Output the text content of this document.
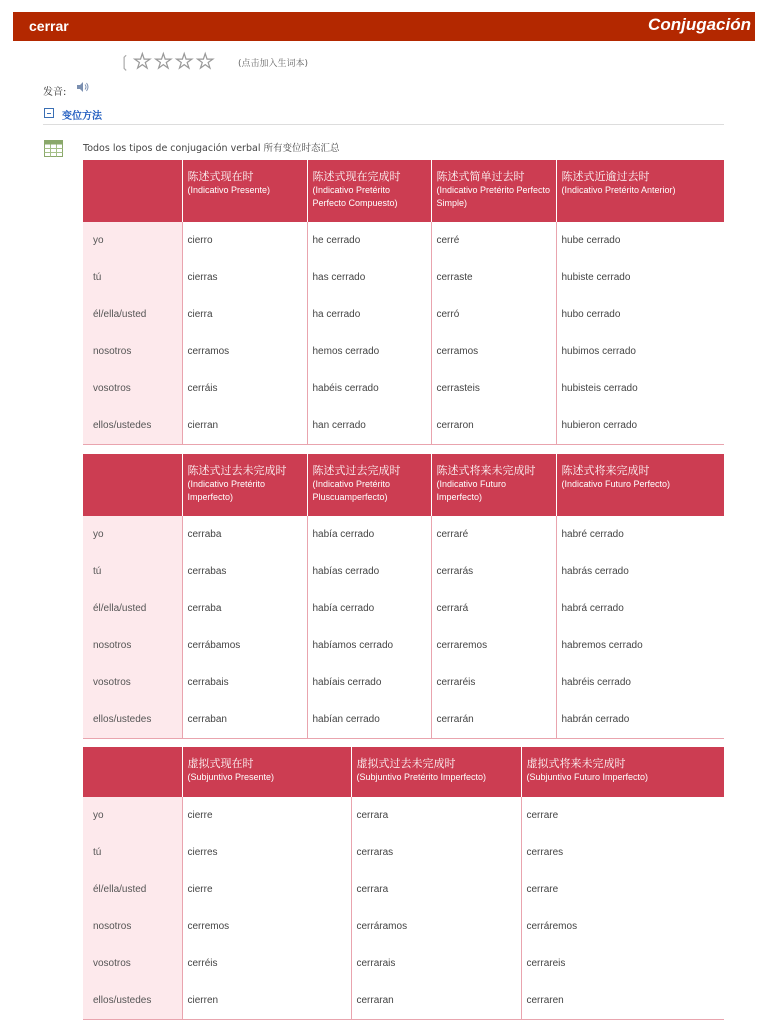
cerrar	Conjugación
❲ ★ ★ ★ ★	(点击加入生词本)
发音:
变位方法
Todos los tipos de conjugación verbal 所有变位时态汇总

	陈述式现在时
(Indicativo Presente)	陈述式现在完成时
(Indicativo Pretérito Perfecto Compuesto)	陈述式简单过去时
(Indicativo Pretérito Perfecto Simple)	陈述式近逾过去时
(Indicativo Pretérito Anterior)

yo	cierro	he cerrado	cerré	hube cerrado
tú	cierras	has cerrado	cerraste	hubiste cerrado
él/ella/usted	cierra	ha cerrado	cerró	hubo cerrado
nosotros	cerramos	hemos cerrado	cerramos	hubimos cerrado
vosotros	cerráis	habéis cerrado	cerrasteis	hubisteis cerrado
ellos/ustedes	cierran	han cerrado	cerraron	hubieron cerrado

	陈述式过去未完成时
(Indicativo Pretérito Imperfecto)	陈述式过去完成时
(Indicativo Pretérito Pluscuamperfecto)	陈述式将来未完成时
(Indicativo Futuro Imperfecto)	陈述式将来完成时
(Indicativo Futuro Perfecto)

yo	cerraba	había cerrado	cerraré	habré cerrado
tú	cerrabas	habías cerrado	cerrarás	habrás cerrado
él/ella/usted	cerraba	había cerrado	cerrará	habrá cerrado
nosotros	cerrábamos	habíamos cerrado	cerraremos	habremos cerrado
vosotros	cerrabais	habíais cerrado	cerraréis	habréis cerrado
ellos/ustedes	cerraban	habían cerrado	cerrarán	habrán cerrado

	虚拟式现在时
(Subjuntivo Presente)	虚拟式过去未完成时
(Subjuntivo Pretérito Imperfecto)	虚拟式将来未完成时
(Subjuntivo Futuro Imperfecto)

yo	cierre	cerrara	cerrare
tú	cierres	cerraras	cerrares
él/ella/usted	cierre	cerrara	cerrare
nosotros	cerremos	cerráramos	cerráremos
vosotros	cerréis	cerrarais	cerrareis
ellos/ustedes	cierren	cerraran	cerraren
